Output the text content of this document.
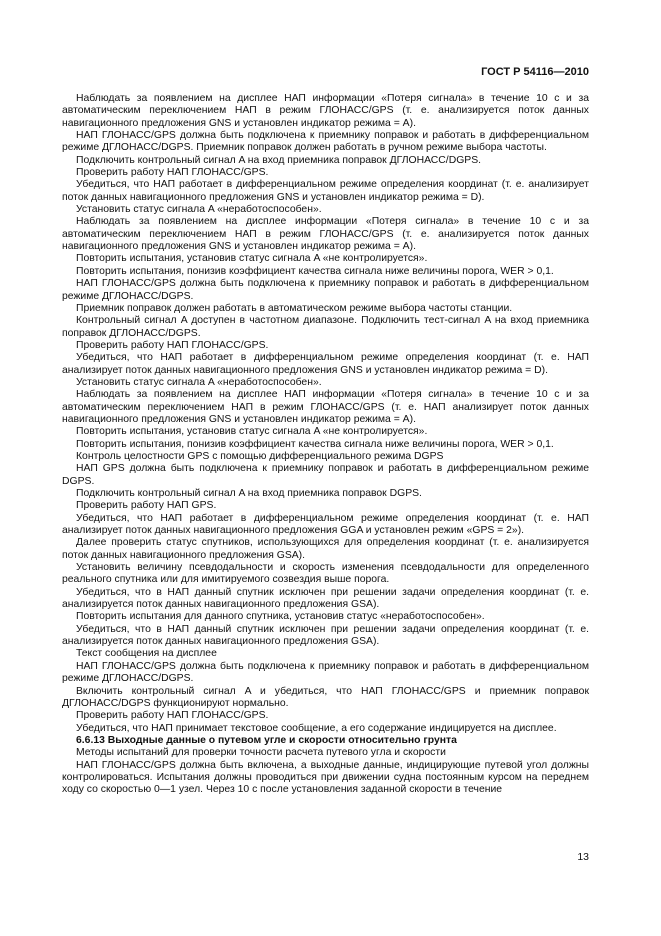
ГОСТ Р 54116—2010

Наблюдать за появлением на дисплее НАП информации «Потеря сигнала» в течение 10 с и за автоматическим переключением НАП в режим ГЛОНАСС/GPS (т. е. анализируется поток данных навигационного предложения GNS и установлен индикатор режима = A).

НАП ГЛОНАСС/GPS должна быть подключена к приемнику поправок и работать в дифференциальном режиме ДГЛОНАСС/DGPS. Приемник поправок должен работать в ручном режиме выбора частоты.

Подключить контрольный сигнал A на вход приемника поправок ДГЛОНАСС/DGPS.

Проверить работу НАП ГЛОНАСС/GPS.

Убедиться, что НАП работает в дифференциальном режиме определения координат (т. е. анализирует поток данных навигационного предложения GNS и установлен индикатор режима = D).

Установить статус сигнала A «неработоспособен».

Наблюдать за появлением на дисплее информации «Потеря сигнала» в течение 10 с и за автоматическим переключением НАП в режим ГЛОНАСС/GPS (т. е. анализируется поток данных навигационного предложения GNS и установлен индикатор режима = A).

Повторить испытания, установив статус сигнала A «не контролируется».

Повторить испытания, понизив коэффициент качества сигнала ниже величины порога, WER > 0,1.

НАП ГЛОНАСС/GPS должна быть подключена к приемнику поправок и работать в дифференциальном режиме ДГЛОНАСС/DGPS.

Приемник поправок должен работать в автоматическом режиме выбора частоты станции.

Контрольный сигнал A доступен в частотном диапазоне. Подключить тест-сигнал A на вход приемника поправок ДГЛОНАСС/DGPS.

Проверить работу НАП ГЛОНАСС/GPS.

Убедиться, что НАП работает в дифференциальном режиме определения координат (т. е. НАП анализирует поток данных навигационного предложения GNS и установлен индикатор режима = D).

Установить статус сигнала A «неработоспособен».

Наблюдать за появлением на дисплее НАП информации «Потеря сигнала» в течение 10 с и за автоматическим переключением НАП в режим ГЛОНАСС/GPS (т. е. НАП анализирует поток данных навигационного предложения GNS и установлен индикатор режима = A).

Повторить испытания, установив статус сигнала A «не контролируется».

Повторить испытания, понизив коэффициент качества сигнала ниже величины порога, WER > 0,1.

Контроль целостности GPS с помощью дифференциального режима DGPS

НАП GPS должна быть подключена к приемнику поправок и работать в дифференциальном режиме DGPS.

Подключить контрольный сигнал A на вход приемника поправок DGPS.

Проверить работу НАП GPS.

Убедиться, что НАП работает в дифференциальном режиме определения координат (т. е. НАП анализирует поток данных навигационного предложения GGA и установлен режим «GPS = 2»).

Далее проверить статус спутников, использующихся для определения координат (т. е. анализируется поток данных навигационного предложения GSA).

Установить величину псевдодальности и скорость изменения псевдодальности для определенного реального спутника или для имитируемого созвездия выше порога.

Убедиться, что в НАП данный спутник исключен при решении задачи определения координат (т. е. анализируется поток данных навигационного предложения GSA).

Повторить испытания для данного спутника, установив статус «неработоспособен».

Убедиться, что в НАП данный спутник исключен при решении задачи определения координат (т. е. анализируется поток данных навигационного предложения GSA).

Текст сообщения на дисплее

НАП ГЛОНАСС/GPS должна быть подключена к приемнику поправок и работать в дифференциальном режиме ДГЛОНАСС/DGPS.

Включить контрольный сигнал A и убедиться, что НАП ГЛОНАСС/GPS и приемник поправок ДГЛОНАСС/DGPS функционируют нормально.

Проверить работу НАП ГЛОНАСС/GPS.

Убедиться, что НАП принимает текстовое сообщение, а его содержание индицируется на дисплее.

6.6.13 Выходные данные о путевом угле и скорости относительно грунта

Методы испытаний для проверки точности расчета путевого угла и скорости

НАП ГЛОНАСС/GPS должна быть включена, а выходные данные, индицирующие путевой угол должны контролироваться. Испытания должны проводиться при движении судна постоянным курсом на переднем ходу со скоростью 0—1 узел. Через 10 с после установления заданной скорости в течение

13
